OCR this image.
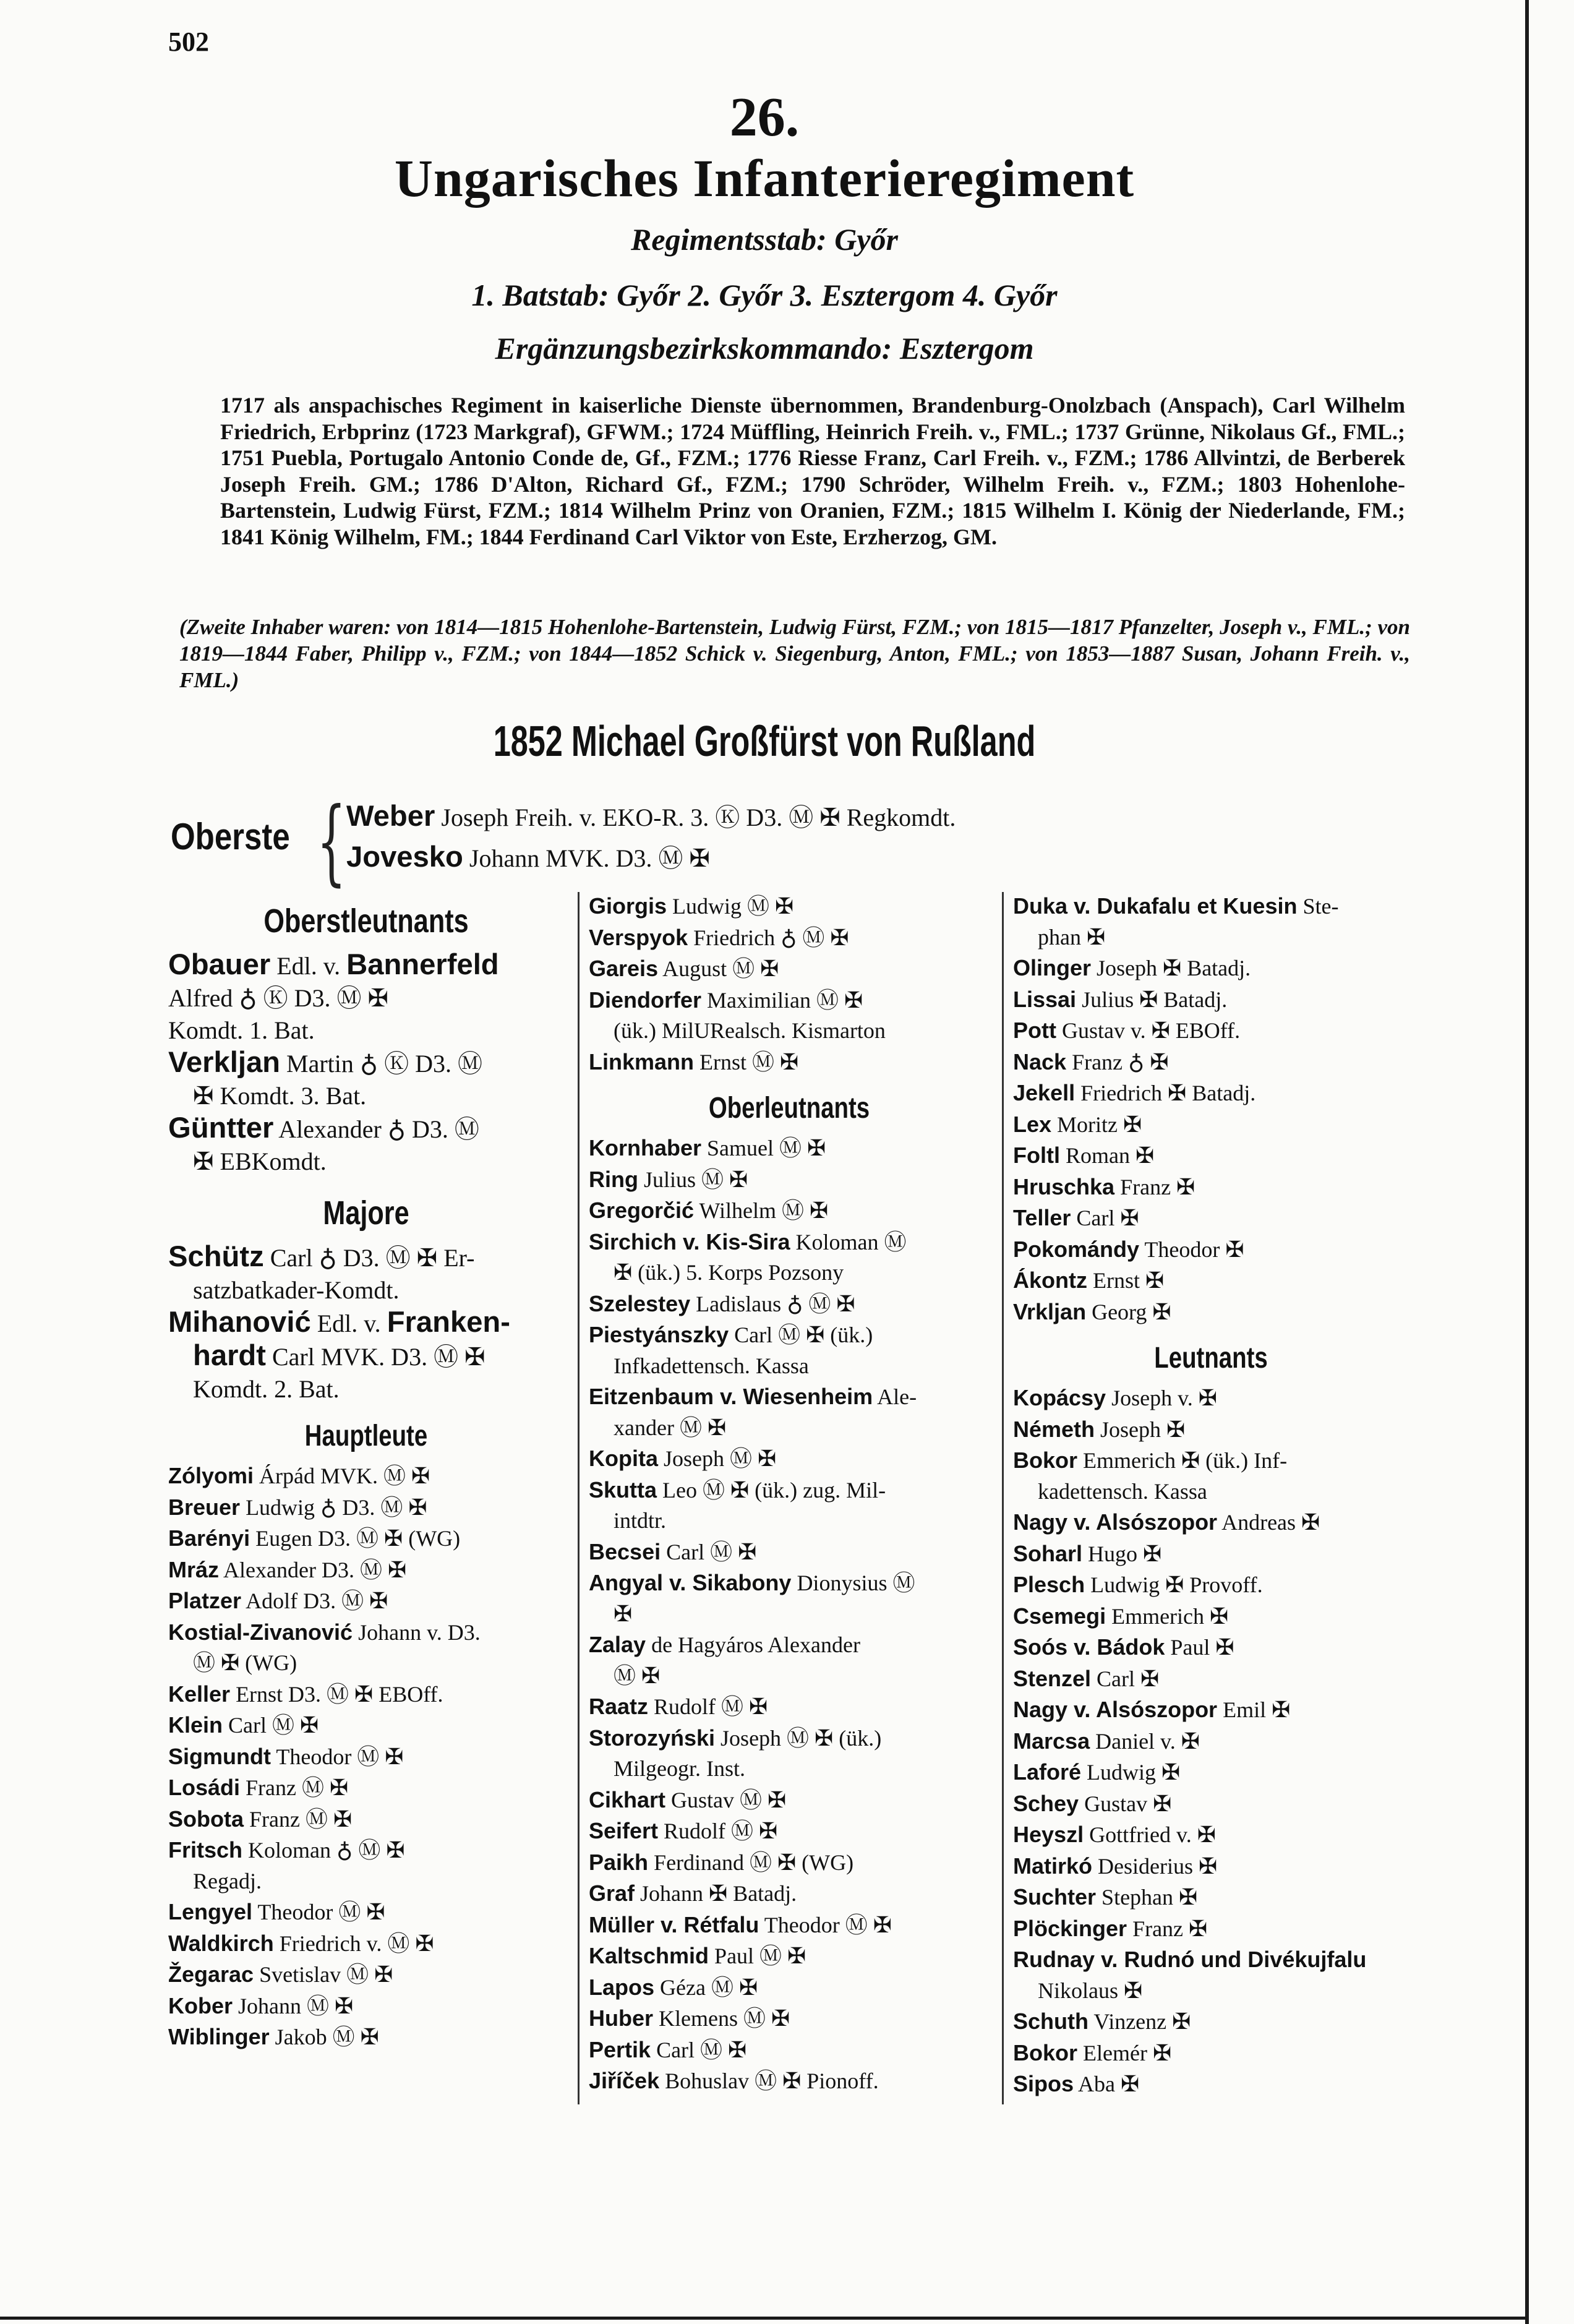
502
26.
Ungarisches Infanterieregiment
Regimentsstab: Győr
1. Batstab: Győr 2. Győr 3. Esztergom 4. Győr
Ergänzungsbezirkskommando: Esztergom

1717 als anspachisches Regiment in kaiserliche Dienste übernommen, Brandenburg-Onolzbach (Anspach), Carl Wilhelm Friedrich, Erbprinz (1723 Markgraf), GFWM.; 1724 Müffling, Heinrich Freih. v., FML.; 1737 Grünne, Nikolaus Gf., FML.; 1751 Puebla, Portugalo Antonio Conde de, Gf., FZM.; 1776 Riesse Franz, Carl Freih. v., FZM.; 1786 Allvintzi, de Berberek Joseph Freih. GM.; 1786 D'Alton, Richard Gf., FZM.; 1790 Schröder, Wilhelm Freih. v., FZM.; 1803 Hohenlohe-Bartenstein, Ludwig Fürst, FZM.; 1814 Wilhelm Prinz von Oranien, FZM.; 1815 Wilhelm I. König der Niederlande, FM.; 1841 König Wilhelm, FM.; 1844 Ferdinand Carl Viktor von Este, Erzherzog, GM.

(Zweite Inhaber waren: von 1814—1815 Hohenlohe-Bartenstein, Ludwig Fürst, FZM.; von 1815—1817 Pfanzelter, Joseph v., FML.; von 1819—1844 Faber, Philipp v., FZM.; von 1844—1852 Schick v. Siegenburg, Anton, FML.; von 1853—1887 Susan, Johann Freih. v., FML.)

1852 Michael Großfürst von Rußland
Oberste { Weber Joseph Freih. v. EKO-R. 3. Ⓚ D3. Ⓜ ✠ Regkomdt.
Jovesko Johann MVK. D3. Ⓜ ✠
Oberstleutnants

Obauer Edl. v. Bannerfeld

Alfred ♁ Ⓚ D3. Ⓜ ✠

Komdt. 1. Bat.

Verkljan Martin ♁ Ⓚ D3. Ⓜ

✠ Komdt. 3. Bat.

Güntter Alexander ♁ D3. Ⓜ

✠ EBKomdt.

Majore

Schütz Carl ♁ D3. Ⓜ ✠ Er-

satzbatkader-Komdt.

Mihanović Edl. v. Franken-

hardt Carl MVK. D3. Ⓜ ✠

Komdt. 2. Bat.

Hauptleute

Zólyomi Árpád MVK. Ⓜ ✠

Breuer Ludwig ♁ D3. Ⓜ ✠

Barényi Eugen D3. Ⓜ ✠ (WG)

Mráz Alexander D3. Ⓜ ✠

Platzer Adolf D3. Ⓜ ✠

Kostial-Zivanović Johann v. D3.

Ⓜ ✠ (WG)

Keller Ernst D3. Ⓜ ✠ EBOff.

Klein Carl Ⓜ ✠

Sigmundt Theodor Ⓜ ✠

Losádi Franz Ⓜ ✠

Sobota Franz Ⓜ ✠

Fritsch Koloman ♁ Ⓜ ✠

Regadj.

Lengyel Theodor Ⓜ ✠

Waldkirch Friedrich v. Ⓜ ✠

Žegarac Svetislav Ⓜ ✠

Kober Johann Ⓜ ✠

Wiblinger Jakob Ⓜ ✠

Giorgis Ludwig Ⓜ ✠

Verspyok Friedrich ♁ Ⓜ ✠

Gareis August Ⓜ ✠

Diendorfer Maximilian Ⓜ ✠

(ük.) MilURealsch. Kismarton

Linkmann Ernst Ⓜ ✠

Oberleutnants

Kornhaber Samuel Ⓜ ✠

Ring Julius Ⓜ ✠

Gregorčić Wilhelm Ⓜ ✠

Sirchich v. Kis-Sira Koloman Ⓜ

✠ (ük.) 5. Korps Pozsony

Szelestey Ladislaus ♁ Ⓜ ✠

Piestyánszky Carl Ⓜ ✠ (ük.)

Infkadettensch. Kassa

Eitzenbaum v. Wiesenheim Ale-

xander Ⓜ ✠

Kopita Joseph Ⓜ ✠

Skutta Leo Ⓜ ✠ (ük.) zug. Mil-

intdtr.

Becsei Carl Ⓜ ✠

Angyal v. Sikabony Dionysius Ⓜ

✠

Zalay de Hagyáros Alexander

Ⓜ ✠

Raatz Rudolf Ⓜ ✠

Storozyński Joseph Ⓜ ✠ (ük.)

Milgeogr. Inst.

Cikhart Gustav Ⓜ ✠

Seifert Rudolf Ⓜ ✠

Paikh Ferdinand Ⓜ ✠ (WG)

Graf Johann ✠ Batadj.

Müller v. Rétfalu Theodor Ⓜ ✠

Kaltschmid Paul Ⓜ ✠

Lapos Géza Ⓜ ✠

Huber Klemens Ⓜ ✠

Pertik Carl Ⓜ ✠

Jiříček Bohuslav Ⓜ ✠ Pionoff.

Duka v. Dukafalu et Kuesin Ste-

phan ✠

Olinger Joseph ✠ Batadj.

Lissai Julius ✠ Batadj.

Pott Gustav v. ✠ EBOff.

Nack Franz ♁ ✠

Jekell Friedrich ✠ Batadj.

Lex Moritz ✠

Foltl Roman ✠

Hruschka Franz ✠

Teller Carl ✠

Pokomándy Theodor ✠

Ákontz Ernst ✠

Vrkljan Georg ✠

Leutnants

Kopácsy Joseph v. ✠

Németh Joseph ✠

Bokor Emmerich ✠ (ük.) Inf-

kadettensch. Kassa

Nagy v. Alsószopor Andreas ✠

Soharl Hugo ✠

Plesch Ludwig ✠ Provoff.

Csemegi Emmerich ✠

Soós v. Bádok Paul ✠

Stenzel Carl ✠

Nagy v. Alsószopor Emil ✠

Marcsa Daniel v. ✠

Laforé Ludwig ✠

Schey Gustav ✠

Heyszl Gottfried v. ✠

Matirkó Desiderius ✠

Suchter Stephan ✠

Plöckinger Franz ✠

Rudnay v. Rudnó und Divékujfalu

Nikolaus ✠

Schuth Vinzenz ✠

Bokor Elemér ✠

Sipos Aba ✠
